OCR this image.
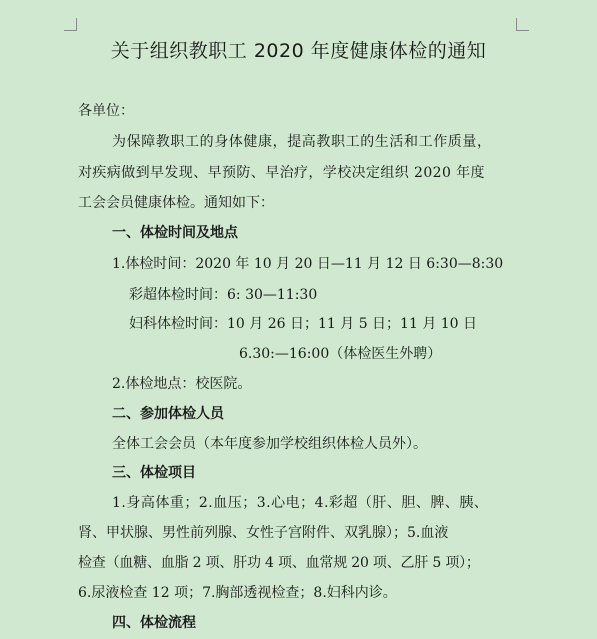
关于组织教职工 2020 年度健康体检的通知
各单位：
为保障教职工的身体健康，提高教职工的生活和工作质量，
对疾病做到早发现、早预防、早治疗，学校决定组织 2020 年度
工会会员健康体检。通知如下：
一、体检时间及地点
1.体检时间：2020 年 10 月 20 日—11 月 12 日 6:30—8:30
彩超体检时间：6: 30—11:30
妇科体检时间：10 月 26 日；11 月 5 日；11 月 10 日
6.30:—16:00（体检医生外聘）
2.体检地点：校医院。
二、参加体检人员
全体工会会员（本年度参加学校组织体检人员外）。
三、体检项目
1.身高体重；2.血压；3.心电；4.彩超（肝、胆、脾、胰、
肾、甲状腺、男性前列腺、女性子宫附件、双乳腺）；5.血液
检查（血糖、血脂 2 项、肝功 4 项、血常规 20 项、乙肝 5 项）；
6.尿液检查 12 项；7.胸部透视检查；8.妇科内诊。
四、体检流程
